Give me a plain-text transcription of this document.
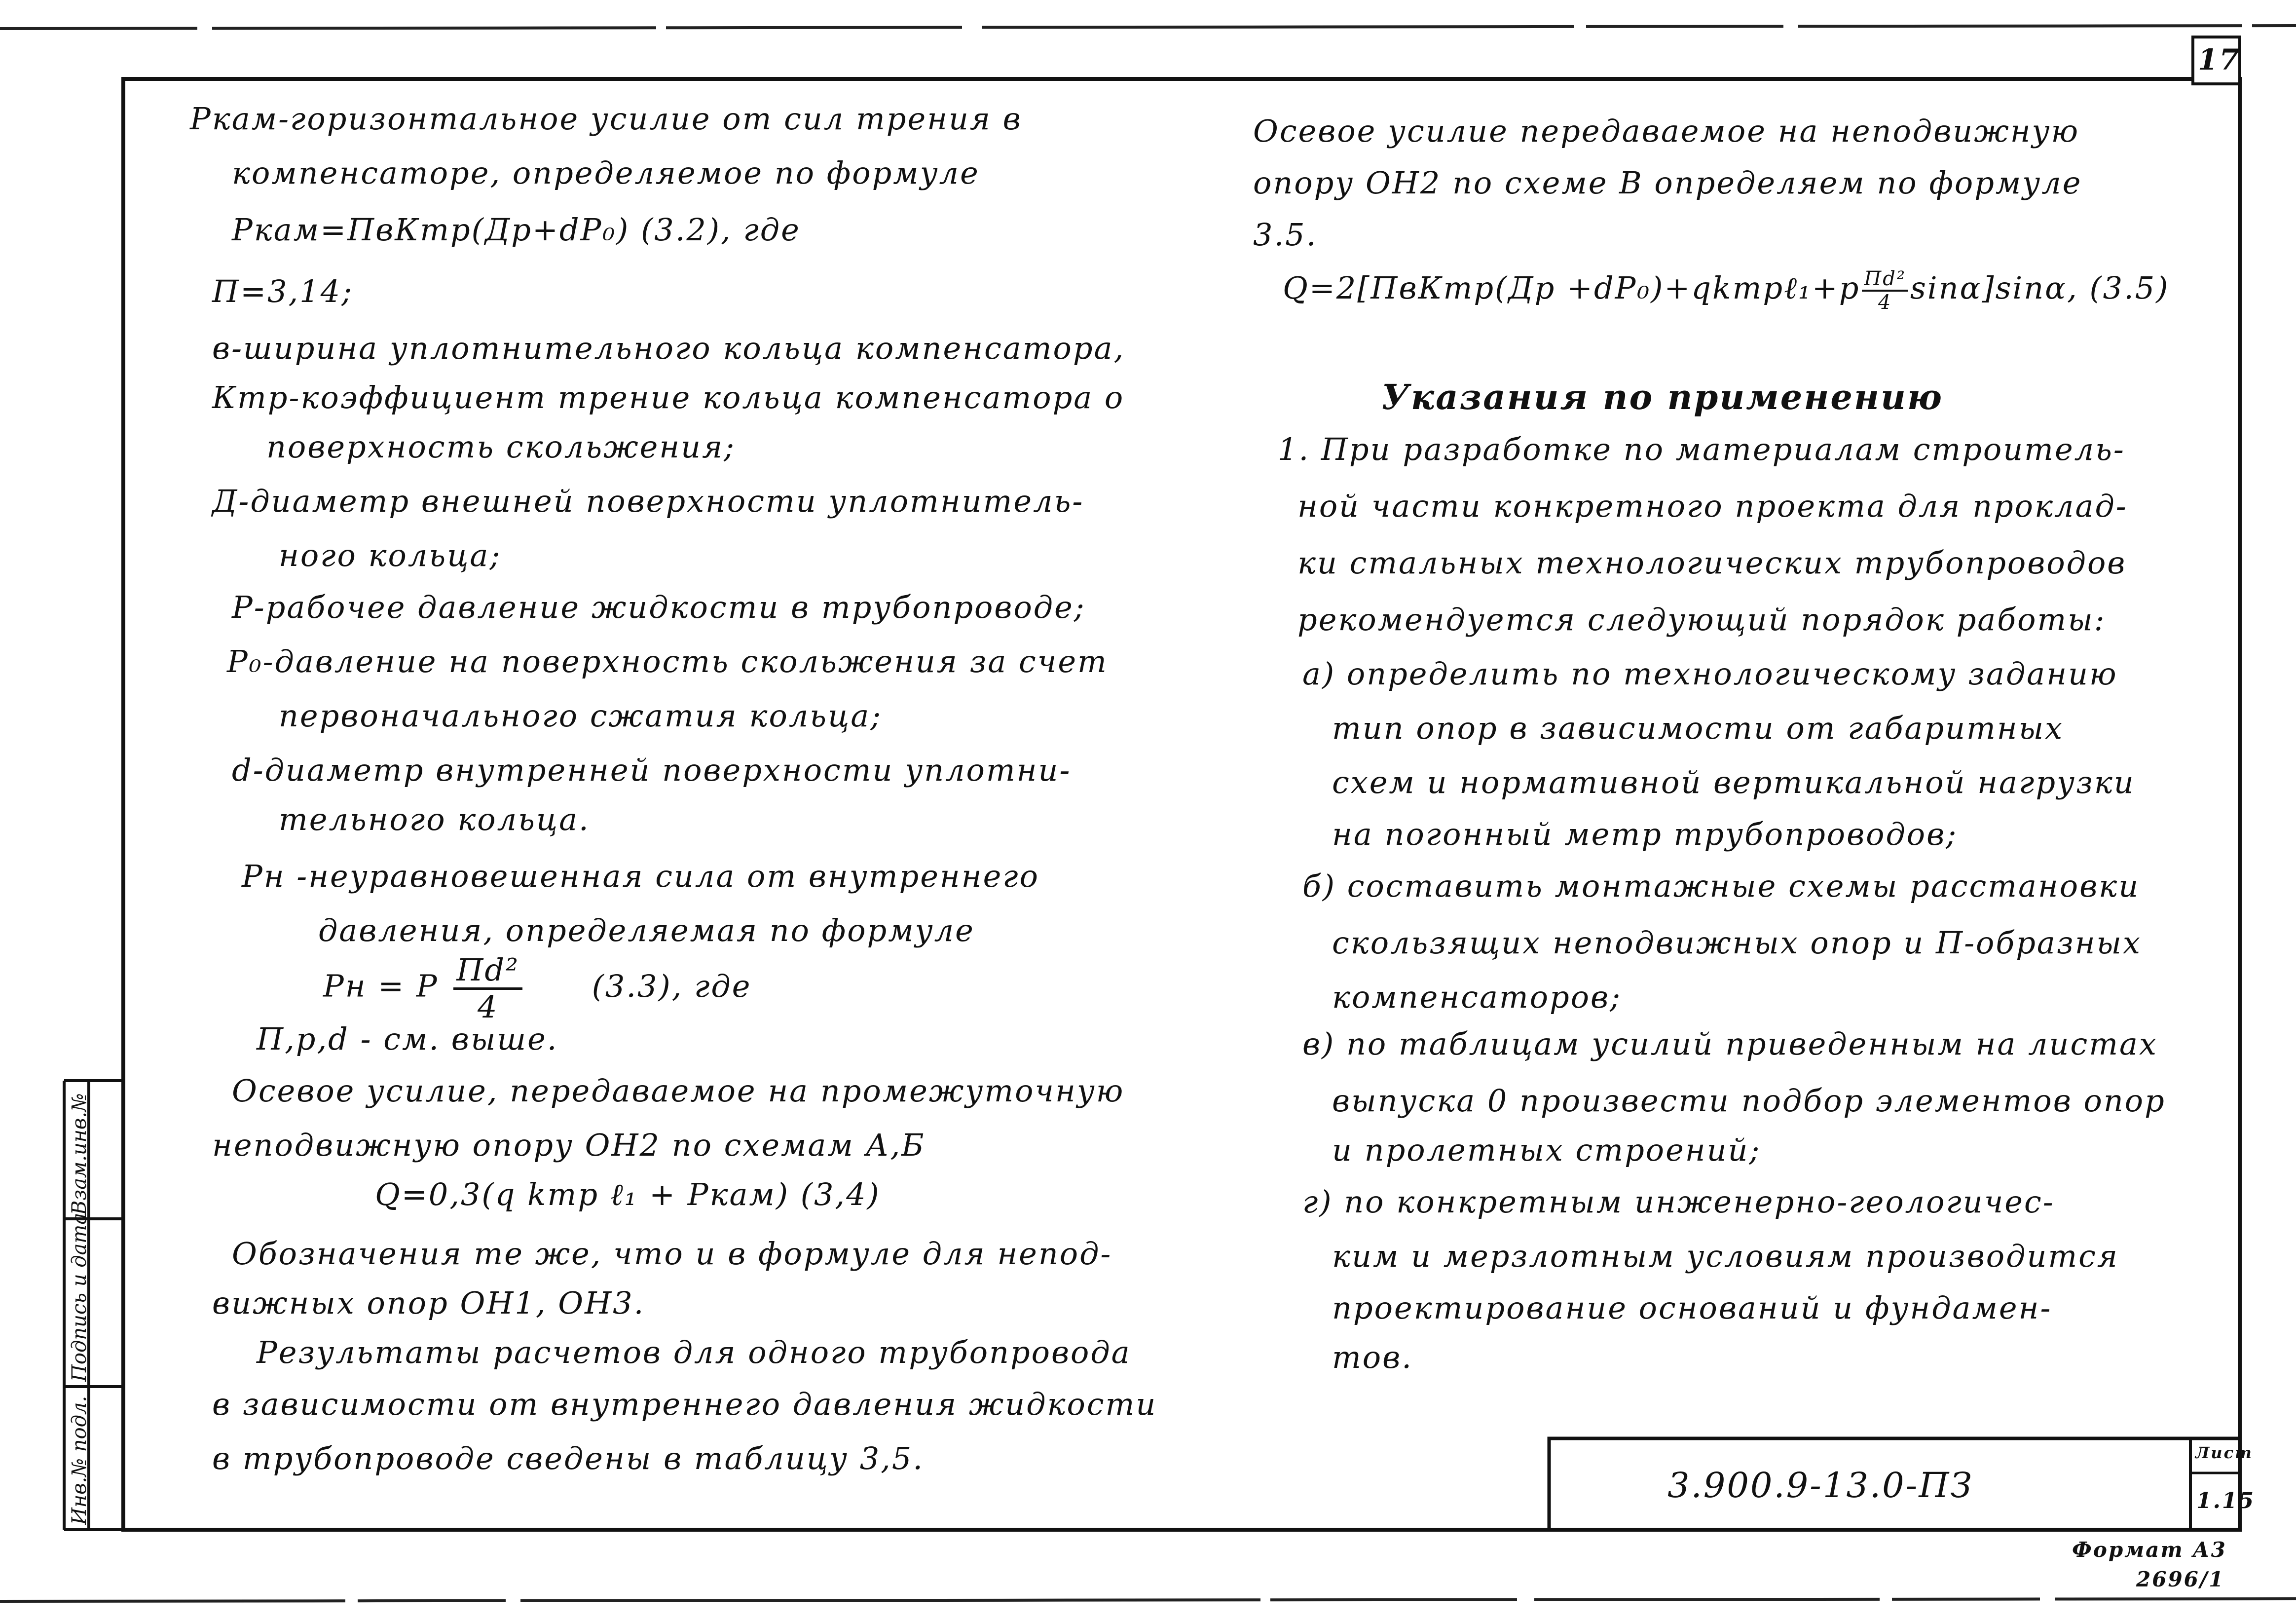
17
Ркам-горизонтальное усилие от сил трения в
компенсаторе, определяемое по формуле
Pкам=ПвКтр(Др+dP₀) (3.2), где
П=3,14;
в-ширина уплотнительного кольца компенсатора,
Ктр-коэффициент трение кольца компенсатора о
поверхность скольжения;
Д-диаметр внешней поверхности уплотнитель-
ного кольца;
Р-рабочее давление жидкости в трубопроводе;
Р₀-давление на поверхность скольжения за счет
первоначального сжатия кольца;
d-диаметр внутренней поверхности уплотни-
тельного кольца.
Рн -неуравновешенная сила от внутреннего
давления, определяемая по формуле
Pн = P $\frac{\text{Пd²}}{4} (3.3)$, где
П,р,d - см. выше.
Осевое усилие, передаваемое на промежуточную
неподвижную опору ОН2 по схемам А,Б
Q=0,3(q kтр ℓ₁ + Ркам) (3,4)
Обозначения те же, что и в формуле для непод-
вижных опор ОН1, ОН3.
Результаты расчетов для одного трубопровода
в зависимости от внутреннего давления жидкости
в трубопроводе сведены в таблицу 3,5.
Осевое усилие передаваемое на неподвижную
опору ОН2 по схеме В определяем по формуле
3.5.
Q=2[ПвКтр(Др +dP₀)+qkтрℓ₁+р $\frac{\text{Пd²}}{4} \sin\alpha]\sin\alpha$, (3.5)
Указания по применению
1. При разработке по материалам строитель-
ной части конкретного проекта для проклад-
ки стальных технологических трубопроводов
рекомендуется следующий порядок работы:
а) определить по технологическому заданию
тип опор в зависимости от габаритных
схем и нормативной вертикальной нагрузки
на погонный метр трубопроводов;
б) составить монтажные схемы расстановки
скользящих неподвижных опор и П-образных
компенсаторов;
в) по таблицам усилий приведенным на листах
выпуска 0 произвести подбор элементов опор
и пролетных строений;
г) по конкретным инженерно-геологичес-
ким и мерзлотным условиям производится
проектирование оснований и фундамен-
тов.
3.900.9-13.0-ПЗ
Лист
1.15
Инв.№ подл.
Подпись и дата
Взам.инв.№
Формат А3
2696/1
